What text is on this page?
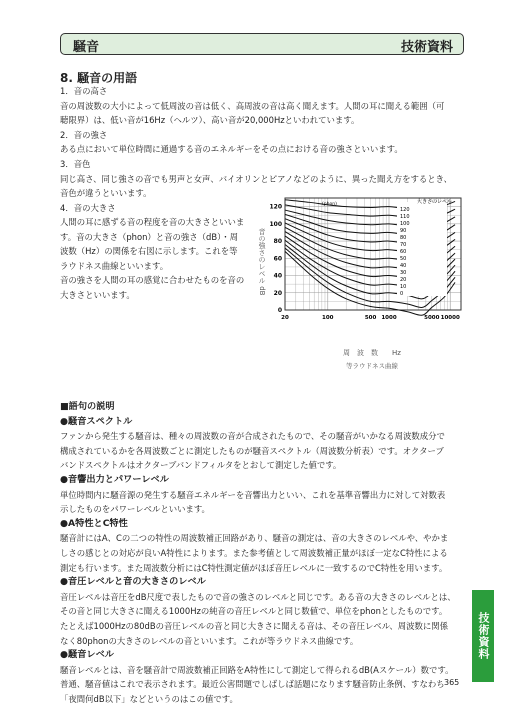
騒音	技術資料
8. 騒音の用語
1．音の高さ
音の周波数の大小によって低周波の音は低く、高周波の音は高く聞えます。人間の耳に聞える範囲（可
聴限界）は、低い音が16Hz（ヘルツ）、高い音が20,000Hzといわれています。
2．音の強さ
ある点において単位時間に通過する音のエネルギーをその点における音の強さといいます。
3．音色
同じ高さ、同じ強さの音でも男声と女声、バイオリンとピアノなどのように、異った聞え方をするとき、
音色が違うといいます。
4．音の大きさ
人間の耳に感ずる音の程度を音の大きさといいま
す。音の大きさ（phon）と音の強さ（dB）・周
波数（Hz）の関係を右図に示します。これを等
ラウドネス曲線といいます。
音の強さを人間の耳の感覚に合わせたものを音の
大きさといいます。
120
110
100
90
80
70
60
50
40
30
20
10
0
大きさのレベル
(phon)
120
100
80
60
40
20
0
20	100	500 1000	5000 10000
音の強さのレベル dB
周　波　数　　Hz
等ラウドネス曲線
■語句の説明
●騒音スペクトル
ファンから発生する騒音は、種々の周波数の音が合成されたもので、その騒音がいかなる周波数成分で
構成されているかを各周波数ごとに測定したものが騒音スペクトル（周波数分析表）です。オクターブ
バンドスペクトルはオクターブバンドフィルタをとおして測定した値です。
●音響出力とパワーレベル
単位時間内に騒音源の発生する騒音エネルギーを音響出力といい、これを基準音響出力に対して対数表
示したものをパワーレベルといいます。
●A特性とC特性
騒音計にはA、Cの二つの特性の周波数補正回路があり、騒音の測定は、音の大きさのレベルや、やかま
しさの感じとの対応が良いA特性によります。また参考値として周波数補正量がほぼ一定なC特性による
測定も行います。また周波数分析にはC特性測定値がほぼ音圧レベルに一致するのでC特性を用います。
●音圧レベルと音の大きさのレベル
音圧レベルは音圧をdB尺度で表したもので音の強さのレベルと同じです。ある音の大きさのレベルとは、
その音と同じ大きさに聞える1000Hzの純音の音圧レベルと同じ数値で、単位をphonとしたものです。
たとえば1000Hzの80dBの音圧レベルの音と同じ大きさに聞える音は、その音圧レベル、周波数に関係
なく80phonの大きさのレベルの音といいます。これが等ラウドネス曲線です。
●騒音レベル
騒音レベルとは、音を騒音計で周波数補正回路をA特性にして測定して得られるdB(Aスケール）数です。
普通、騒音値はこれで表示されます。最近公害問題でしばしば話題になります騒音防止条例、すなわち
「夜間何dB以下」などというのはこの値です。
技術資料
365
